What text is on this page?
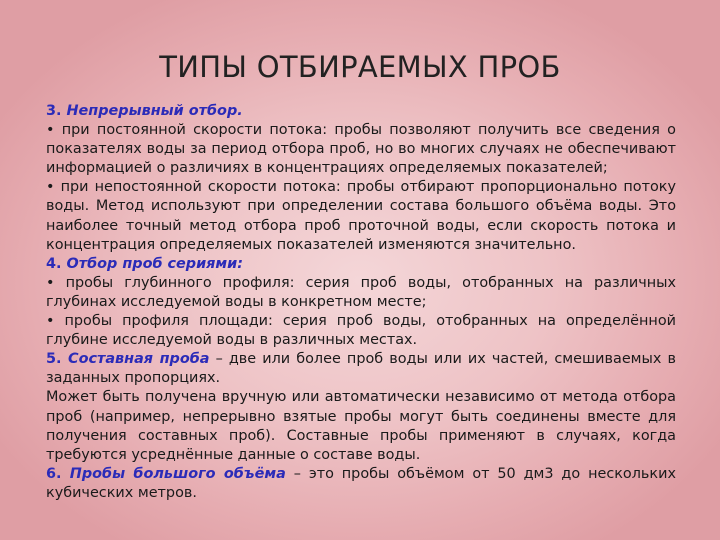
ТИПЫ ОТБИРАЕМЫХ ПРОБ

3. Непрерывный отбор.

• при постоянной скорости потока: пробы позволяют получить все сведения о показателях воды за период отбора проб, но во многих случаях не обеспечивают информацией о различиях в концентрациях определяемых показателей;

• при непостоянной скорости потока: пробы отбирают пропорционально потоку воды. Метод используют при определении состава большого объёма воды. Это наиболее точный метод отбора проб проточной воды, если скорость потока и концентрация определяемых показателей изменяются значительно.

4. Отбор проб сериями:

• пробы глубинного профиля: серия проб воды, отобранных на различных глубинах исследуемой воды в конкретном месте;

• пробы профиля площади: серия проб воды, отобранных на определённой глубине исследуемой воды в различных местах.

5. Составная проба – две или более проб воды или их частей, смешиваемых в заданных пропорциях.

Может быть получена вручную или автоматически независимо от метода отбора проб (например, непрерывно взятые пробы могут быть соединены вместе для получения составных проб). Составные пробы применяют в случаях, когда требуются усреднённые данные о составе воды.

6. Пробы большого объёма – это пробы объёмом от 50 дм3 до нескольких кубических метров.
